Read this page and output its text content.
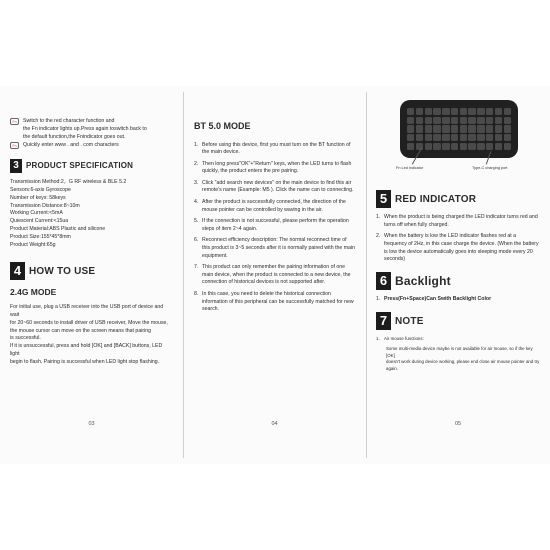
Fn	Switch to the red character function and
the Fn indicator lights up.Press again toswitch back to
the default function,the Fnindicator goes out.
Fn	Quickly enter www . and . com characters
3 PRODUCT SPECIFICATION
Transmission Method:2。G RF wireless & BLE 5.2
Sensors:6-axis Gyroscope
Number of keys: 58keys
Transmission Distance:8~10m
Working Current:<5mA
Quiescent Current:<15ua
Product Material:ABS Plastic and silicone
Product Size:155*45*8mm
Product Weight:65g
4 HOW TO USE
2.4G MODE

For initial use, plug a USB receiver into the USB port of device and wait

for 20~60 seconds to install driver of USB receiver, Move the mouse,

the mouse cursor can move on the screen means that pairing

is successful.

If it is unsuccessful, press and hold [OK] and [BACK] buttons, LED light

begin to flash. Pairing is successful when LED light stop flashing.

03
BT 5.0 MODE
1. Before using this device, first you must turn on the BT function of the main device.
2. Then long press"OK"+"Return" keys, when the LED turns to flash quickly, the product enters the pre pairing.
3. Click "add search new devices" on the main device to find this air remote's name (Example: M5 ). Click the name can to connecting.
4. After the product is successfully connected, the direction of the mouse pointer can be controlled by waving in the air.
5. If the connection is not successful, please perform the operation steps of item 2~4 again.
6. Reconnect efficiency description: The normal reconnect time of this product is 3~5 seconds after it is normally paired with the main equipment.
7. This product can only remember the pairing information of one main device, when the product is connected to a new device, the connection of historical devices is not supported after.
8. In this case, you need to delete the historical connection information of this peripheral can be successfully matched for new search.
04
Fn Led indicator	Type-C charging port
5 RED INDICATOR
1. When the product is being charged the LED indicator turns red and turns off when fully charged.
2. When the battery is low the LED indicator flashes red at a frequency of 2Hz, in this case charge the device. (When the battery is low the device automatically goes into sleeping mode every 20 seconds)
6 Backlight
1. Press(Fn+Space)Can Swith Backlight Color
7 NOTE
1. Air mouse functions:
Some multi-media device maybe is not available for air mouse, so if the key [OK]
doesn't work during device working, please end close air mouse pointer and try again.
05
